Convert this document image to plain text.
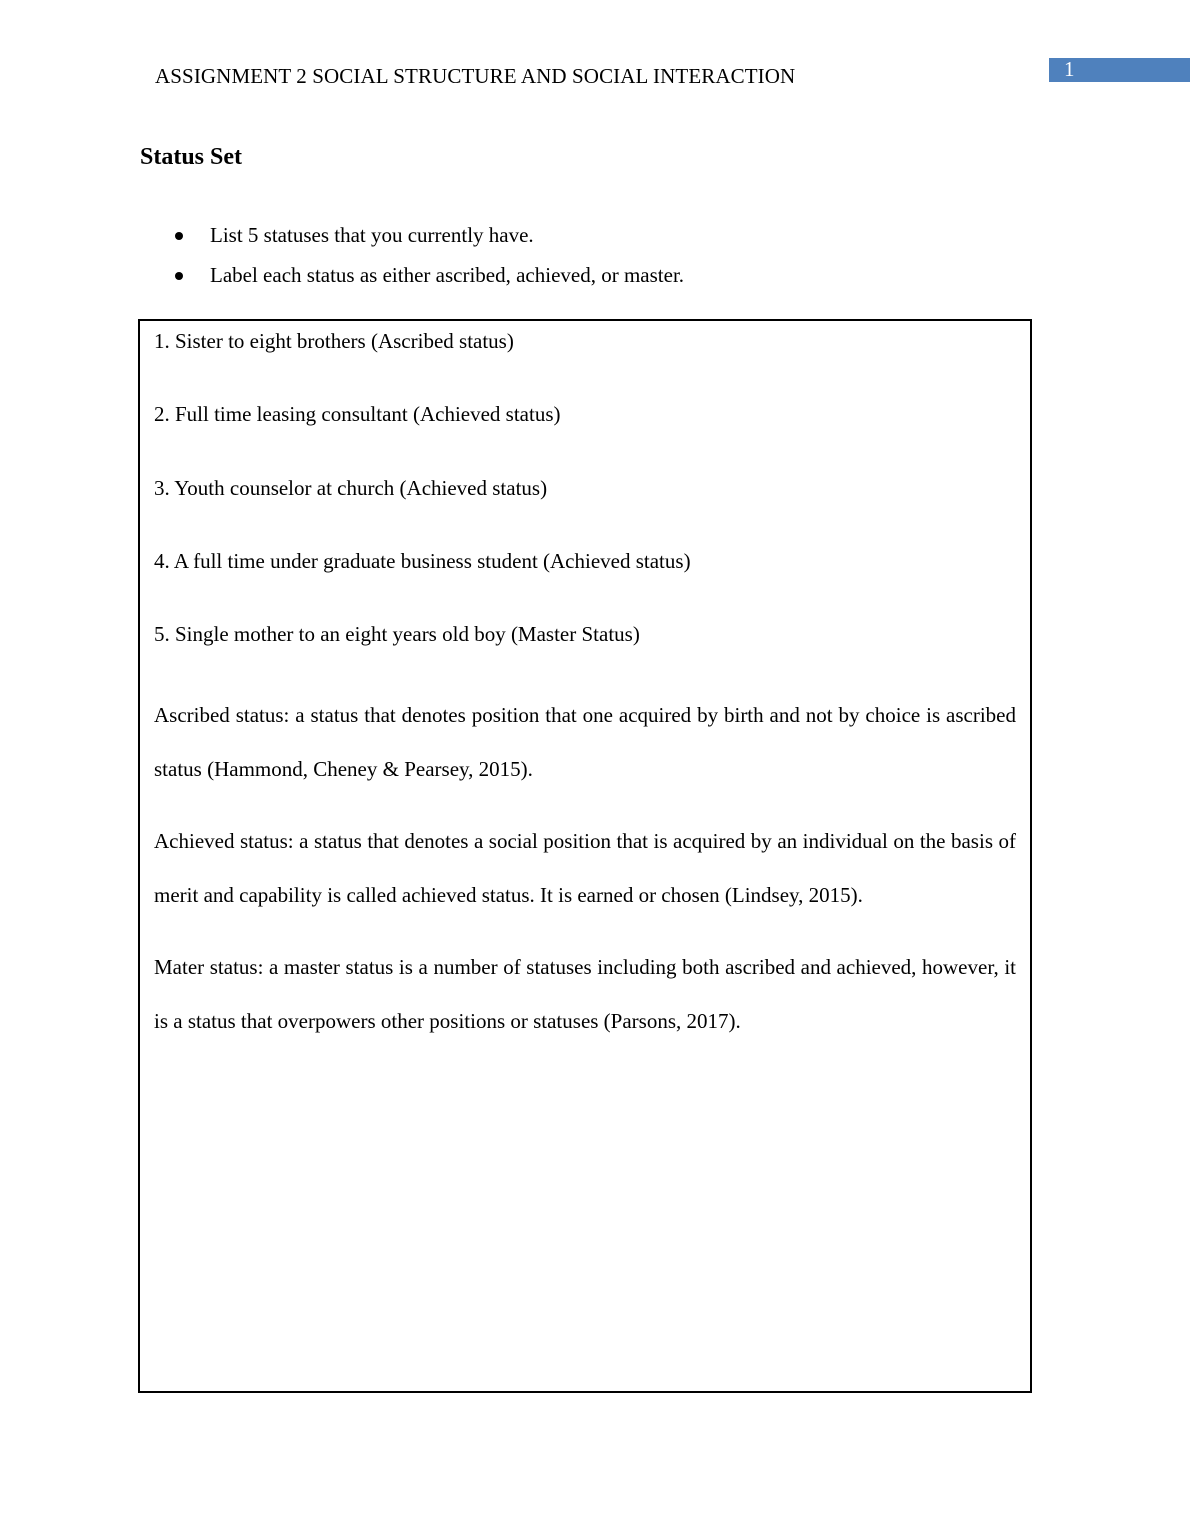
ASSIGNMENT 2 SOCIAL STRUCTURE AND SOCIAL INTERACTION	1
Status Set
List 5 statuses that you currently have.
Label each status as either ascribed, achieved, or master.
1. Sister to eight brothers (Ascribed status)
2. Full time leasing consultant (Achieved status)
3. Youth counselor at church (Achieved status)
4. A full time under graduate business student (Achieved status)
5. Single mother to an eight years old boy (Master Status)

Ascribed status: a status that denotes position that one acquired by birth and not by choice is ascribed status (Hammond, Cheney & Pearsey, 2015).

Achieved status: a status that denotes a social position that is acquired by an individual on the basis of merit and capability is called achieved status. It is earned or chosen (Lindsey, 2015).

Mater status: a master status is a number of statuses including both ascribed and achieved, however, it is a status that overpowers other positions or statuses (Parsons, 2017).
